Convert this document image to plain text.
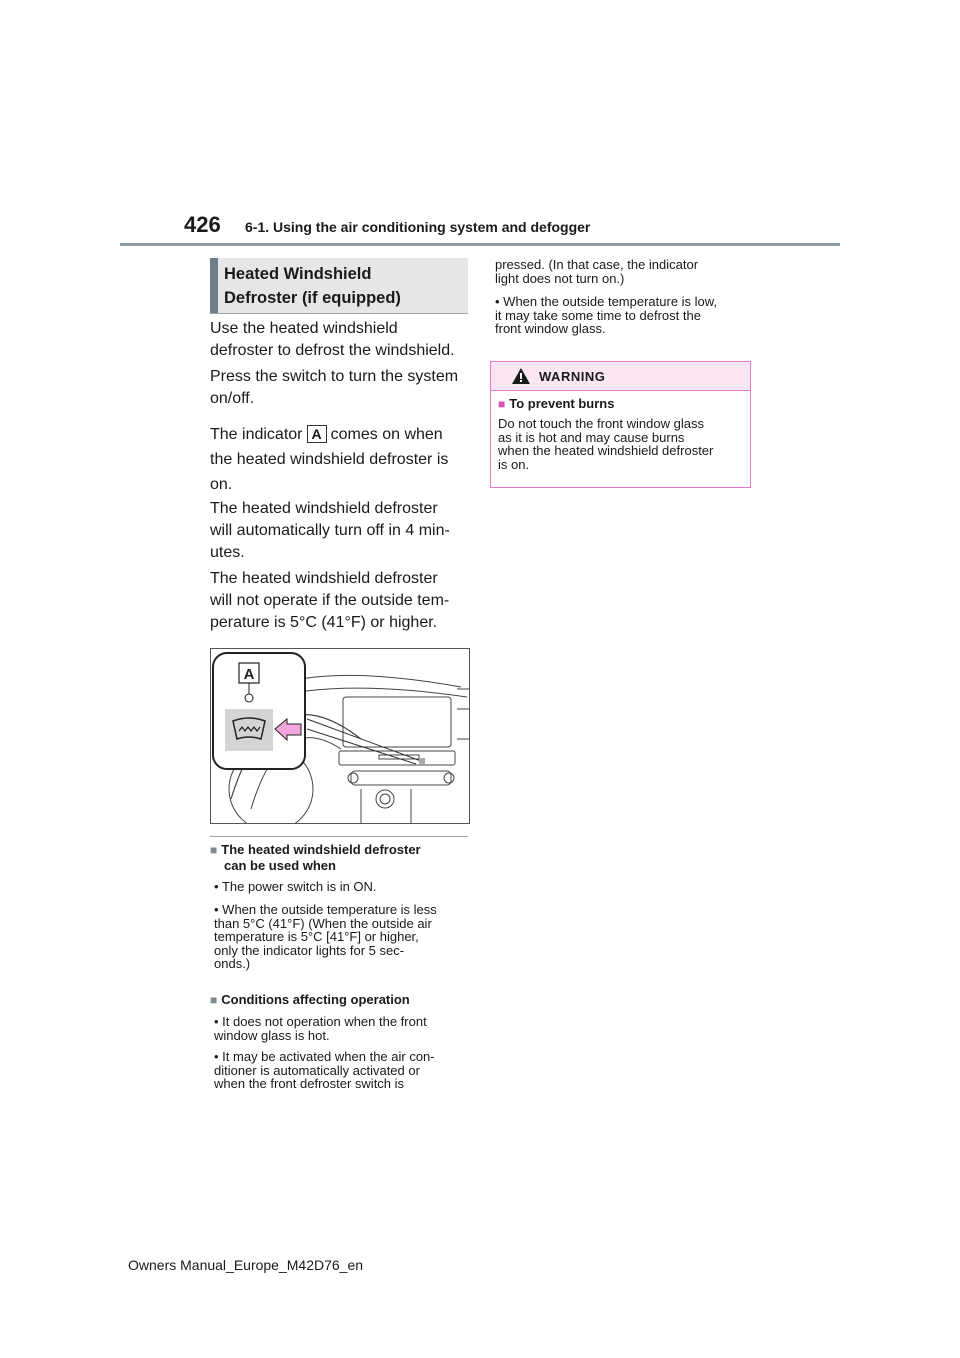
426 6-1. Using the air conditioning system and defogger
Heated Windshield
Defroster (if equipped)
Use the heated windshield
defroster to defrost the windshield.
Press the switch to turn the system
on/off.
The indicator A comes on when
the heated windshield defroster is
on.
The heated windshield defroster
will automatically turn off in 4 min-
utes.
The heated windshield defroster
will not operate if the outside tem-
perature is 5°C (41°F) or higher.
A
■ The heated windshield defroster
can be used when
• The power switch is in ON.
• When the outside temperature is less
than 5°C (41°F) (When the outside air
temperature is 5°C [41°F] or higher,
only the indicator lights for 5 sec-
onds.)
■ Conditions affecting operation
• It does not operation when the front
window glass is hot.
• It may be activated when the air con-
ditioner is automatically activated or
when the front defroster switch is
pressed. (In that case, the indicator
light does not turn on.)
• When the outside temperature is low,
it may take some time to defrost the
front window glass.
WARNING
■ To prevent burns
Do not touch the front window glass
as it is hot and may cause burns
when the heated windshield defroster
is on.
Owners Manual_Europe_M42D76_en
